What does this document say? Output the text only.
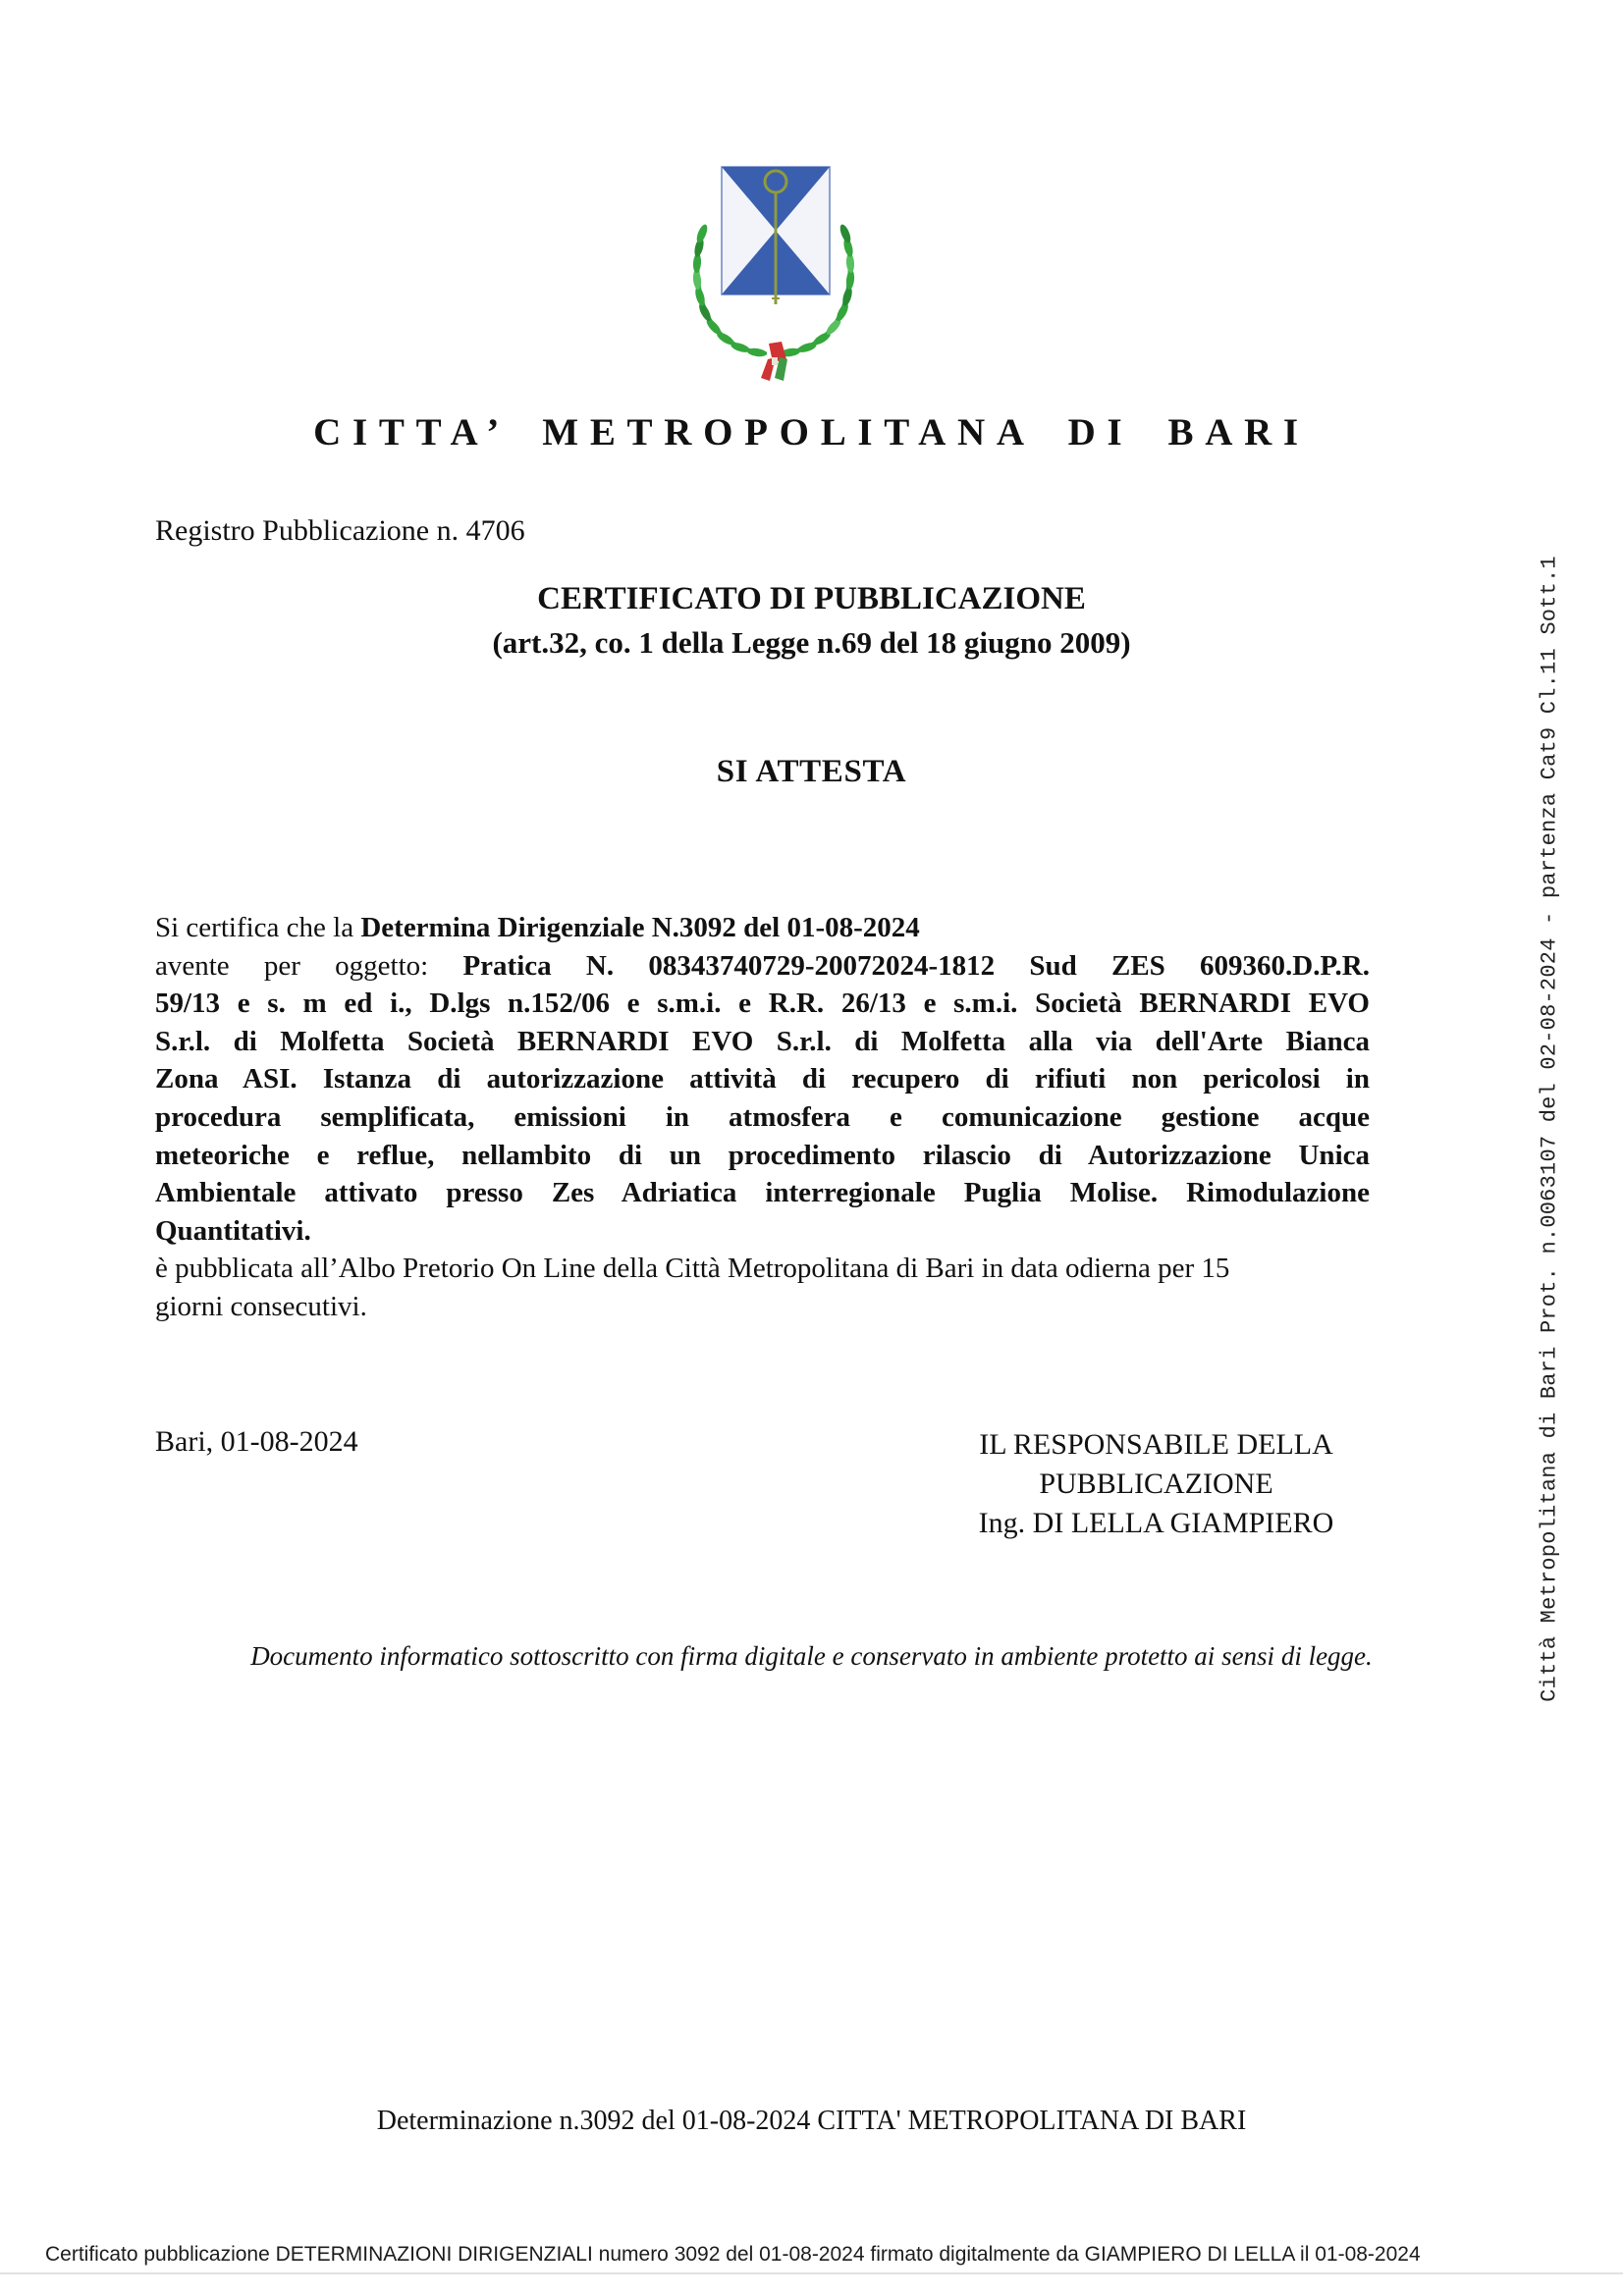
CITTA’ METROPOLITANA DI BARI
Registro Pubblicazione n. 4706
CERTIFICATO DI PUBBLICAZIONE
(art.32, co. 1 della Legge n.69 del 18 giugno 2009)
SI ATTESTA
Si certifica che la Determina Dirigenziale N.3092 del 01-08-2024
avente per oggetto: Pratica N. 08343740729-20072024-1812 Sud ZES 609360.D.P.R.
59/13 e s. m ed i., D.lgs n.152/06 e s.m.i. e R.R. 26/13 e s.m.i. Società BERNARDI EVO
S.r.l. di Molfetta Società BERNARDI EVO S.r.l. di Molfetta alla via dell'Arte Bianca
Zona ASI. Istanza di autorizzazione attività di recupero di rifiuti non pericolosi in
procedura semplificata, emissioni in atmosfera e comunicazione gestione acque
meteoriche e reflue, nellambito di un procedimento rilascio di Autorizzazione Unica
Ambientale attivato presso Zes Adriatica interregionale Puglia Molise. Rimodulazione
Quantitativi.
è pubblicata all’Albo Pretorio On Line della Città Metropolitana di Bari in data odierna per 15
giorni consecutivi.
Bari, 01-08-2024	IL RESPONSABILE DELLA
PUBBLICAZIONE
Ing. DI LELLA GIAMPIERO
Documento informatico sottoscritto con firma digitale e conservato in ambiente protetto ai sensi di legge.
Determinazione n.3092 del 01-08-2024 CITTA' METROPOLITANA DI BARI
Città Metropolitana di Bari Prot. n.0063107 del 02-08-2024 - partenza Cat9 Cl.11 Sott.1
Certificato pubblicazione DETERMINAZIONI DIRIGENZIALI numero 3092 del 01-08-2024 firmato digitalmente da GIAMPIERO DI LELLA il 01-08-2024
